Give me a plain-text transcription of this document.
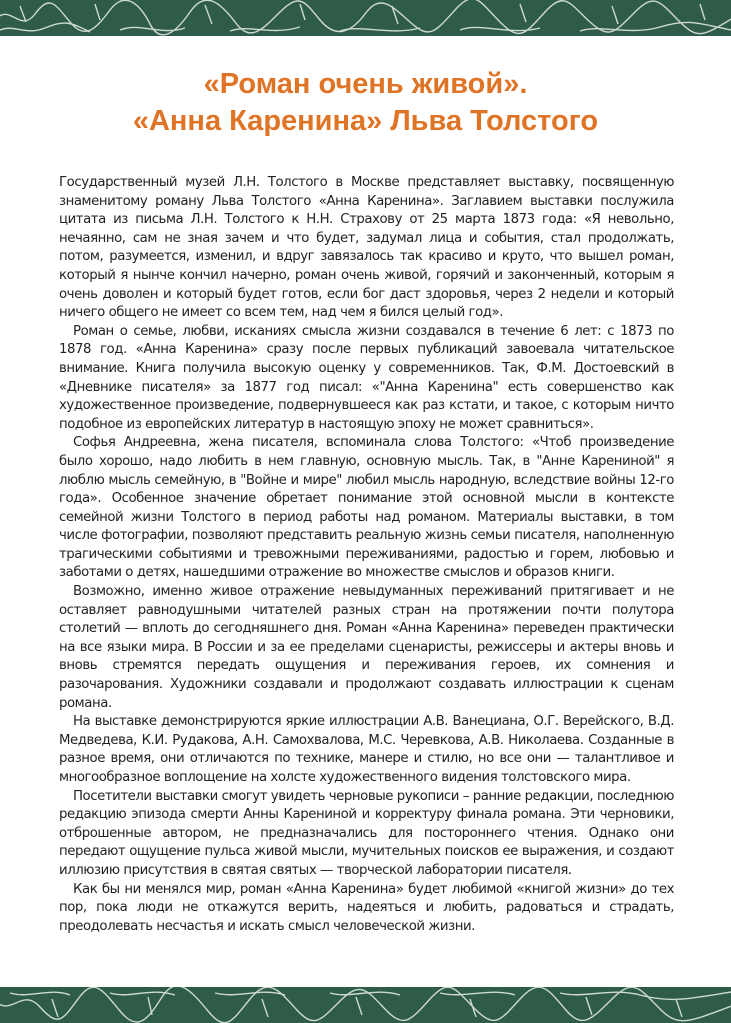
«Роман очень живой».
«Анна Каренина» Льва Толстого

Государственный музей Л.Н. Толстого в Москве представляет выставку, посвященную знаменитому роману Льва Толстого «Анна Каренина». Заглавием выставки послужила цитата из письма Л.Н. Толстого к Н.Н. Страхову от 25 марта 1873 года: «Я невольно, нечаянно, сам не зная зачем и что будет, задумал лица и события, стал продолжать, потом, разумеется, изменил, и вдруг завязалось так красиво и круто, что вышел роман, который я нынче кончил начерно, роман очень живой, горячий и законченный, которым я очень доволен и который будет готов, если бог даст здоровья, через 2 недели и который ничего общего не имеет со всем тем, над чем я бился целый год».

Роман о семье, любви, исканиях смысла жизни создавался в течение 6 лет: с 1873 по 1878 год. «Анна Каренина» сразу после первых публикаций завоевала читательское внимание. Книга получила высокую оценку у современников. Так, Ф.М. Достоевский в «Дневнике писателя» за 1877 год писал: «"Анна Каренина" есть совершенство как художественное произведение, подвернувшееся как раз кстати, и такое, с которым ничто подобное из европейских литератур в настоящую эпоху не может сравниться».

Софья Андреевна, жена писателя, вспоминала слова Толстого: «Чтоб произведение было хорошо, надо любить в нем главную, основную мысль. Так, в "Анне Карениной" я люблю мысль семейную, в "Войне и мире" любил мысль народную, вследствие войны 12-го года». Особенное значение обретает понимание этой основной мысли в контексте семейной жизни Толстого в период работы над романом. Материалы выставки, в том числе фотографии, позволяют представить реальную жизнь семьи писателя, наполненную трагическими событиями и тревожными переживаниями, радостью и горем, любовью и заботами о детях, нашедшими отражение во множестве смыслов и образов книги.

Возможно, именно живое отражение невыдуманных переживаний притягивает и не оставляет равнодушными читателей разных стран на протяжении почти полутора столетий — вплоть до сегодняшнего дня. Роман «Анна Каренина» переведен практически на все языки мира. В России и за ее пределами сценаристы, режиссеры и актеры вновь и вновь стремятся передать ощущения и переживания героев, их сомнения и разочарования. Художники создавали и продолжают создавать иллюстрации к сценам романа.

На выставке демонстрируются яркие иллюстрации А.В. Ванециана, О.Г. Верейского, В.Д. Медведева, К.И. Рудакова, А.Н. Самохвалова, М.С. Черевкова, А.В. Николаева. Созданные в разное время, они отличаются по технике, манере и стилю, но все они — талантливое и многообразное воплощение на холсте художественного видения толстовского мира.

Посетители выставки смогут увидеть черновые рукописи – ранние редакции, последнюю редакцию эпизода смерти Анны Карениной и корректуру финала романа. Эти черновики, отброшенные автором, не предназначались для постороннего чтения. Однако они передают ощущение пульса живой мысли, мучительных поисков ее выражения, и создают иллюзию присутствия в святая святых — творческой лаборатории писателя.

Как бы ни менялся мир, роман «Анна Каренина» будет любимой «книгой жизни» до тех пор, пока люди не откажутся верить, надеяться и любить, радоваться и страдать, преодолевать несчастья и искать смысл человеческой жизни.
